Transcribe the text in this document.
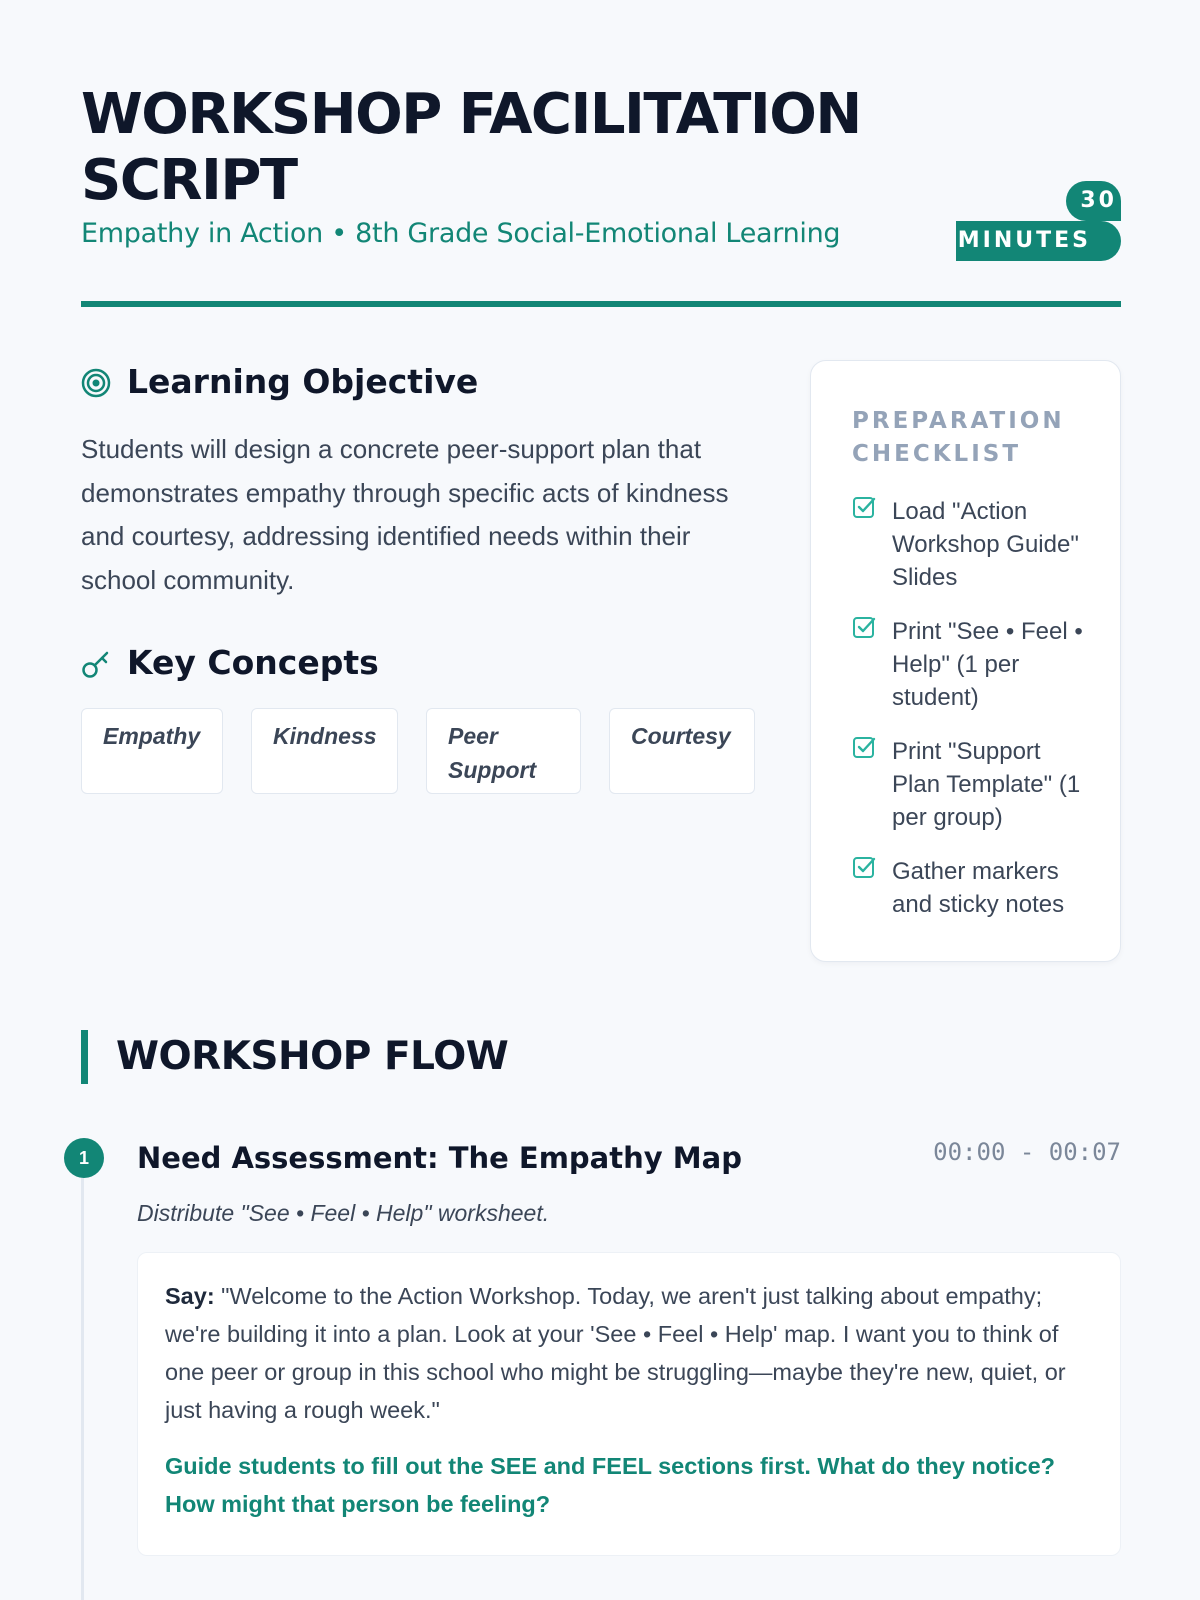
WORKSHOP FACILITATION SCRIPT
Empathy in Action • 8th Grade Social-Emotional Learning
30
MINUTES
Learning Objective

Students will design a concrete peer-support plan that demonstrates empathy through specific acts of kindness and courtesy, addressing identified needs within their school community.

Key Concepts
Empathy	Kindness	Peer Support
Courtesy
PREPARATION CHECKLIST
Load "Action Workshop Guide" Slides
Print "See • Feel • Help" (1 per student)
Print "Support Plan Template" (1 per group)
Gather markers and sticky notes
WORKSHOP FLOW
1	Need Assessment: The Empathy Map	00:00 - 00:07
Distribute "See • Feel • Help" worksheet.

Say: "Welcome to the Action Workshop. Today, we aren't just talking about empathy; we're building it into a plan. Look at your 'See • Feel • Help' map. I want you to think of one peer or group in this school who might be struggling—maybe they're new, quiet, or just having a rough week."

Guide students to fill out the SEE and FEEL sections first. What do they notice? How might that person be feeling?
